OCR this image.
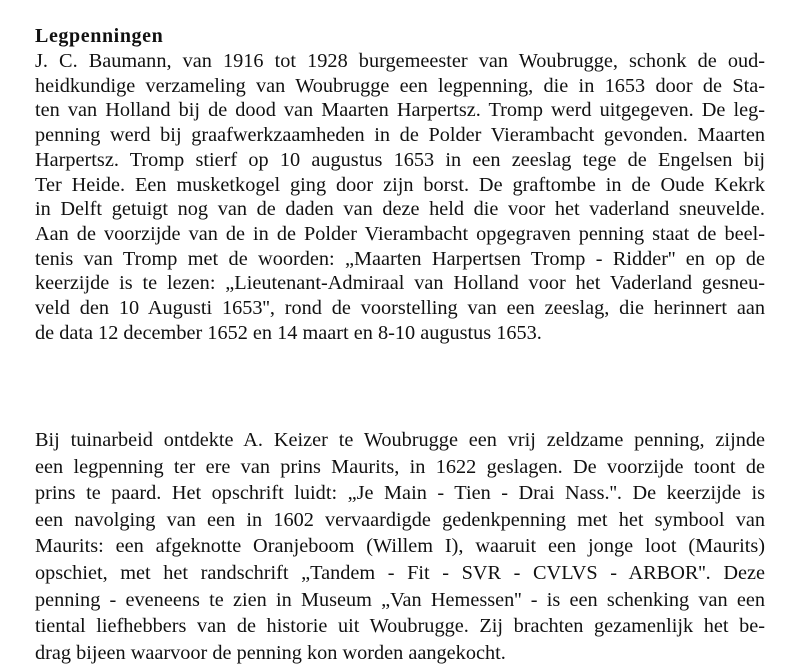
Legpenningen
J. C. Baumann, van 1916 tot 1928 burgemeester van Woubrugge, schonk de oud-
heidkundige verzameling van Woubrugge een legpenning, die in 1653 door de Sta-
ten van Holland bij de dood van Maarten Harpertsz. Tromp werd uitgegeven. De leg-
penning werd bij graafwerkzaamheden in de Polder Vierambacht gevonden. Maarten
Harpertsz. Tromp stierf op 10 augustus 1653 in een zeeslag tege de Engelsen bij
Ter Heide. Een musketkogel ging door zijn borst. De graftombe in de Oude Kekrk
in Delft getuigt nog van de daden van deze held die voor het vaderland sneuvelde.
Aan de voorzijde van de in de Polder Vierambacht opgegraven penning staat de beel-
tenis van Tromp met de woorden: „Maarten Harpertsen Tromp - Ridder'' en op de
keerzijde is te lezen: „Lieutenant-Admiraal van Holland voor het Vaderland gesneu-
veld den 10 Augusti 1653'', rond de voorstelling van een zeeslag, die herinnert aan
de data 12 december 1652 en 14 maart en 8-10 augustus 1653.
Bij tuinarbeid ontdekte A. Keizer te Woubrugge een vrij zeldzame penning, zijnde
een legpenning ter ere van prins Maurits, in 1622 geslagen. De voorzijde toont de
prins te paard. Het opschrift luidt: „Je Main - Tien - Drai Nass.''. De keerzijde is
een navolging van een in 1602 vervaardigde gedenkpenning met het symbool van
Maurits: een afgeknotte Oranjeboom (Willem I), waaruit een jonge loot (Maurits)
opschiet, met het randschrift „Tandem - Fit - SVR - CVLVS - ARBOR''. Deze
penning - eveneens te zien in Museum „Van Hemessen'' - is een schenking van een
tiental liefhebbers van de historie uit Woubrugge. Zij brachten gezamenlijk het be-
drag bijeen waarvoor de penning kon worden aangekocht.
